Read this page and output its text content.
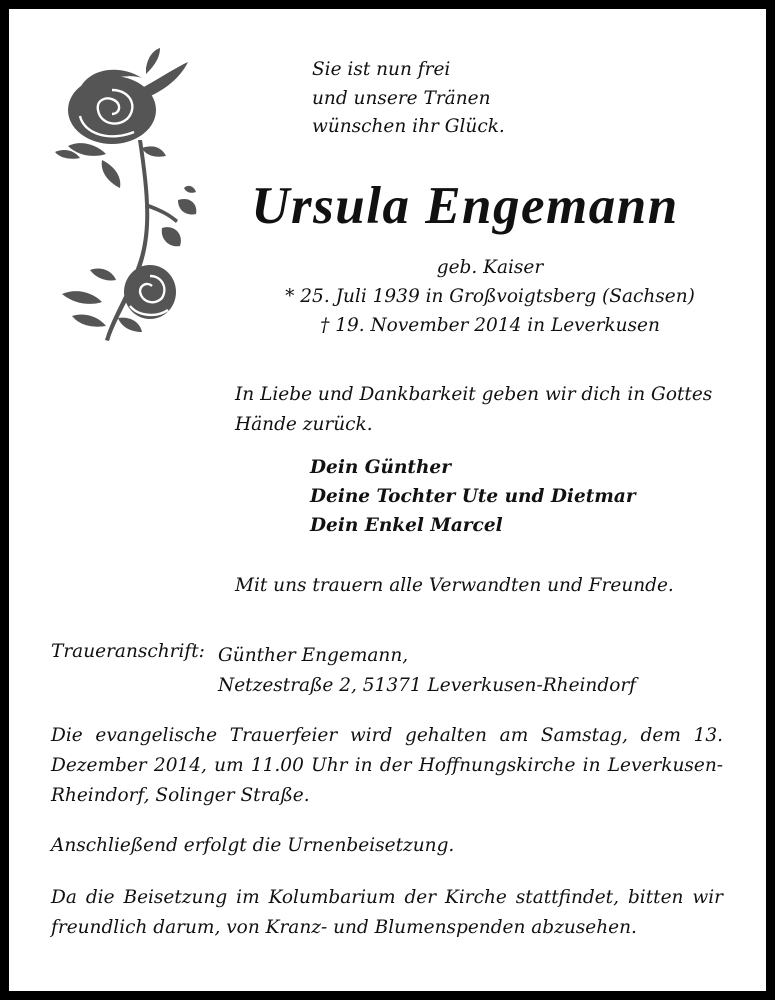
Sie ist nun frei
und unsere Tränen
wünschen ihr Glück.
Ursula Engemann
geb. Kaiser
* 25. Juli 1939 in Großvoigtsberg (Sachsen)
† 19. November 2014 in Leverkusen
In Liebe und Dankbarkeit geben wir dich in Gottes
Hände zurück.
Dein Günther
Deine Tochter Ute und Dietmar
Dein Enkel Marcel
Mit uns trauern alle Verwandten und Freunde.
Traueranschrift: Günther Engemann,
Netzestraße 2, 51371 Leverkusen-Rheindorf
Die evangelische Trauerfeier wird gehalten am Samstag, dem 13. Dezember 2014, um 11.00 Uhr in der Hoffnungskirche in Leverkusen-Rheindorf, Solinger Straße.
Anschließend erfolgt die Urnenbeisetzung.
Da die Beisetzung im Kolumbarium der Kirche stattfindet, bitten wir freundlich darum, von Kranz- und Blumenspenden abzusehen.
